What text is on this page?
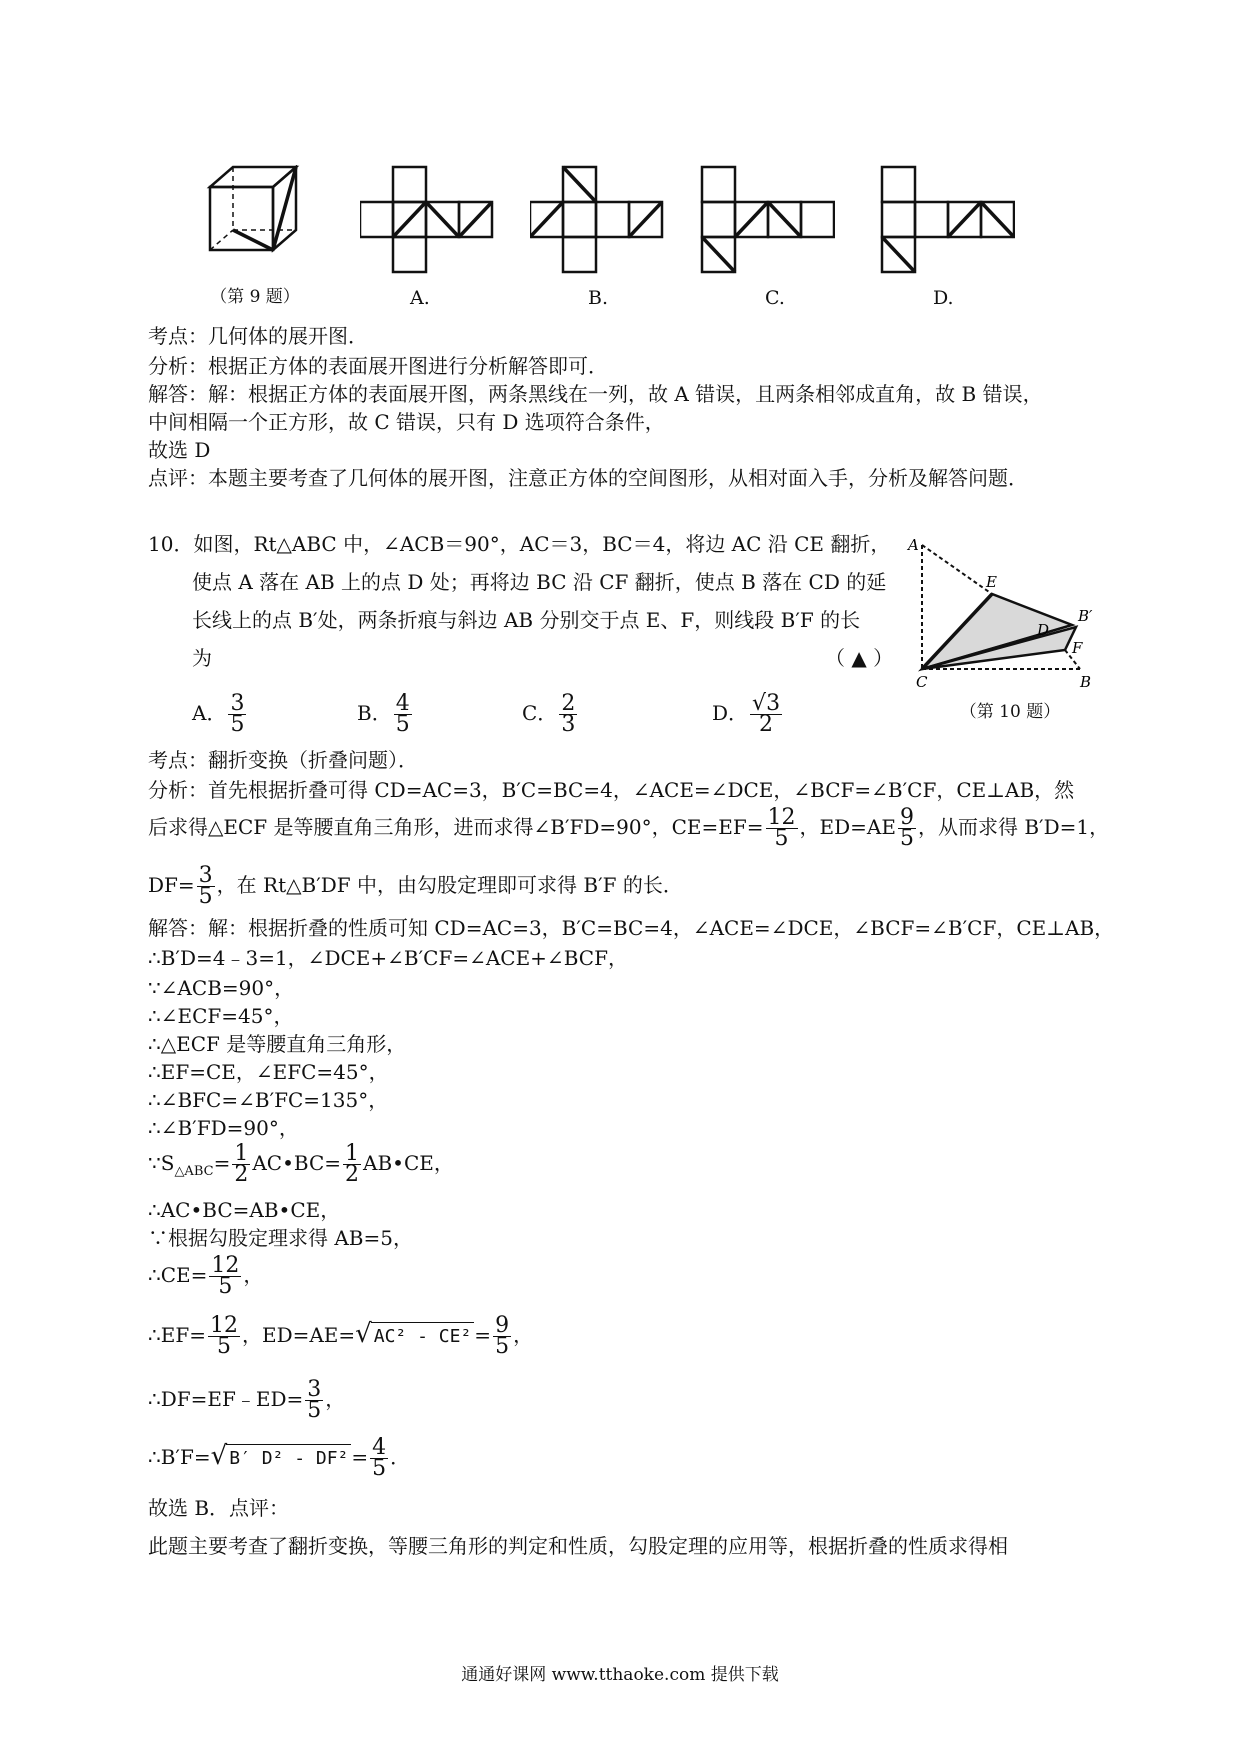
（第 9 题）	A.	B.	C.	D.
考点：几何体的展开图．
分析：根据正方体的表面展开图进行分析解答即可．
解答：解：根据正方体的表面展开图，两条黑线在一列，故 A 错误，且两条相邻成直角，故 B 错误，
中间相隔一个正方形，故 C 错误，只有 D 选项符合条件，
故选 D
点评：本题主要考查了几何体的展开图，注意正方体的空间图形，从相对面入手，分析及解答问题．
10．如图，Rt△ABC 中，∠ACB＝90°，AC＝3，BC＝4，将边 AC 沿 CE 翻折，
使点 A 落在 AB 上的点 D 处；再将边 BC 沿 CF 翻折，使点 B 落在 CD 的延
长线上的点 B′处，两条折痕与斜边 AB 分别交于点 E、F，则线段 B′F 的长
为	（ ▲ ）
A． $\frac{3}{5}$	B． $\frac{4}{5}$	C． $\frac{2}{3}$	D． $\frac{√3}{2}$
A
E
B′
D
F
C	B
（第 10 题）
考点：翻折变换（折叠问题）．
分析：首先根据折叠可得 CD=AC=3，B′C=BC=4，∠ACE=∠DCE，∠BCF=∠B′CF，CE⊥AB，然
后求得△ECF 是等腰直角三角形，进而求得∠B′FD=90°，$CE=EF= \frac{12}{5}$ ，$ED=AE \frac{9}{5}$ ，从而求得 B′D=1，
$DF= \frac{3}{5}$ ，在 Rt△B′DF 中，由勾股定理即可求得 B′F 的长．
解答：解：根据折叠的性质可知 CD=AC=3，B′C=BC=4，∠ACE=∠DCE，∠BCF=∠B′CF，CE⊥AB，
∴B′D=4﹣3=1，∠DCE+∠B′CF=∠ACE+∠BCF，
∵∠ACB=90°，
∴∠ECF=45°，
∴△ECF 是等腰直角三角形，
∴EF=CE，∠EFC=45°，
∴∠BFC=∠B′FC=135°，
∴∠B′FD=90°，
$\because S_{\triangle ABC}= \frac{1}{2}$ AC•BC= $\frac{1}{2}$ AB•CE，
∴AC•BC=AB•CE，
∵根据勾股定理求得 AB=5，
∴CE= $\frac{12}{5}$ ，
∴EF= $\frac{12}{5}$ ，ED=AE=√ $AC^2 - CE^2 = \frac{9}{5}$ ，
∴DF=EF﹣ED= $\frac{3}{5}$ ，
∴B′F=√ B′ $D^2 - DF^2 = \frac{4}{5}$ ．
故选 B．点评：
此题主要考查了翻折变换，等腰三角形的判定和性质，勾股定理的应用等，根据折叠的性质求得相
通通好课网 www.tthaoke.com 提供下载
